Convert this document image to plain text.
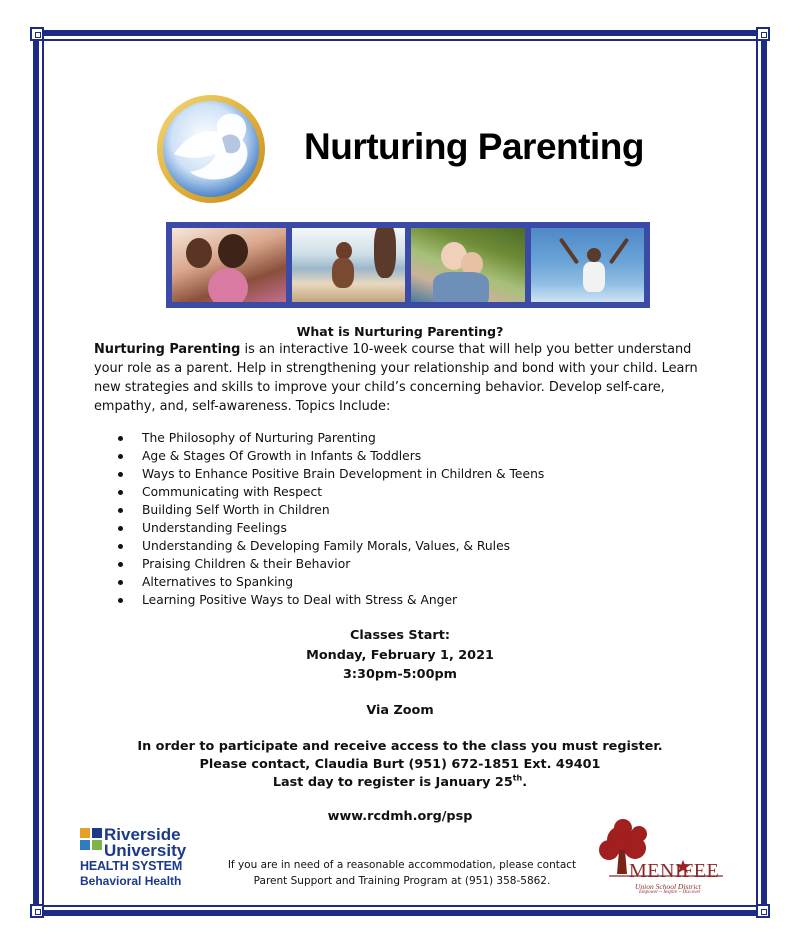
Nurturing Parenting
What is Nurturing Parenting?
Nurturing Parenting is an interactive 10-week course that will help you better understand your role as a parent. Help in strengthening your relationship and bond with your child. Learn new strategies and skills to improve your child’s concerning behavior. Develop self-care, empathy, and, self-awareness. Topics Include:
The Philosophy of Nurturing Parenting
Age & Stages Of Growth in Infants & Toddlers
Ways to Enhance Positive Brain Development in Children & Teens
Communicating with Respect
Building Self Worth in Children
Understanding Feelings
Understanding & Developing Family Morals, Values, & Rules
Praising Children & their Behavior
Alternatives to Spanking
Learning Positive Ways to Deal with Stress & Anger
Classes Start:
Monday, February 1, 2021
3:30pm-5:00pm
Via Zoom
In order to participate and receive access to the class you must register.
Please contact, Claudia Burt (951) 672-1851 Ext. 49401
Last day to register is January 25th.
www.rcdmh.org/psp
Riverside
University
HEALTH SYSTEM
Behavioral Health
If you are in need of a reasonable accommodation, please contact
Parent Support and Training Program at (951) 358-5862.	MENIFEE
Union School District
Empower ~ Inspire ~ Discover
